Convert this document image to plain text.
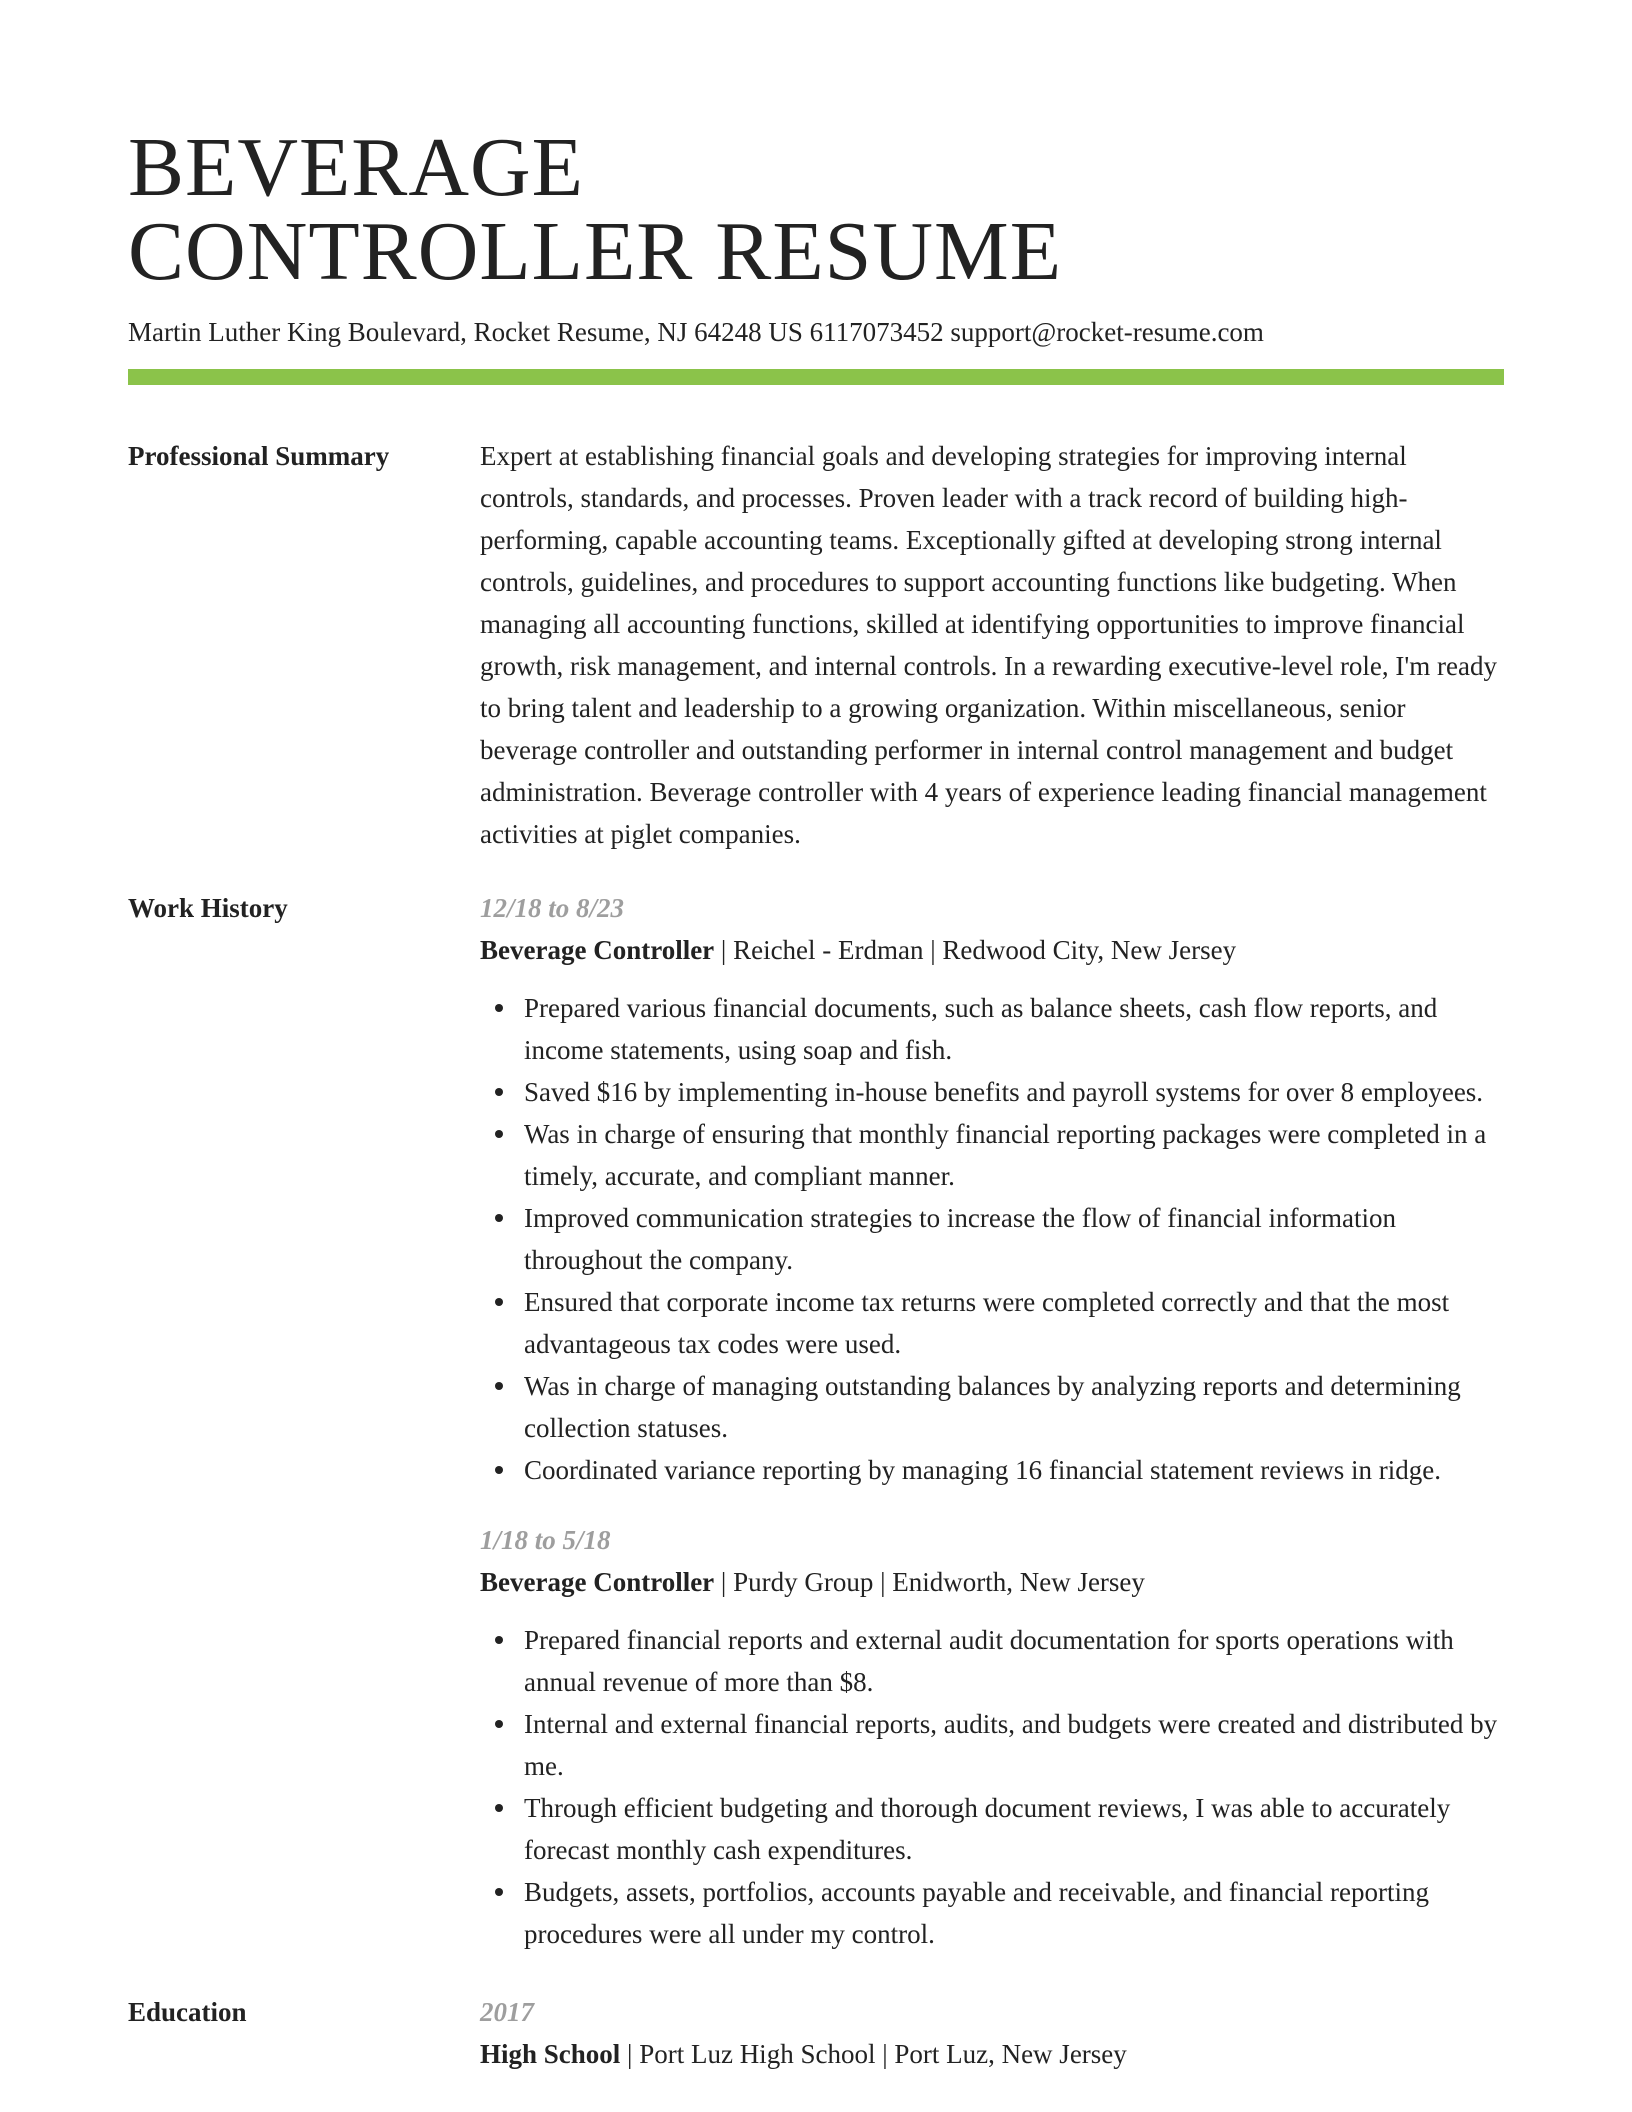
BEVERAGE
CONTROLLER RESUME
Martin Luther King Boulevard, Rocket Resume, NJ 64248 US 6117073452 support@rocket-resume.com
Professional Summary	Expert at establishing financial goals and developing strategies for improving internal controls, standards, and processes. Proven leader with a track record of building high-performing, capable accounting teams. Exceptionally gifted at developing strong internal controls, guidelines, and procedures to support accounting functions like budgeting. When managing all accounting functions, skilled at identifying opportunities to improve financial growth, risk management, and internal controls. In a rewarding executive-level role, I'm ready to bring talent and leadership to a growing organization. Within miscellaneous, senior beverage controller and outstanding performer in internal control management and budget administration. Beverage controller with 4 years of experience leading financial management activities at piglet companies.
Work History	12/18 to 8/23
Beverage Controller | Reichel - Erdman | Redwood City, New Jersey
Prepared various financial documents, such as balance sheets, cash flow reports, and income statements, using soap and fish.
Saved $16 by implementing in-house benefits and payroll systems for over 8 employees.
Was in charge of ensuring that monthly financial reporting packages were completed in a timely, accurate, and compliant manner.
Improved communication strategies to increase the flow of financial information throughout the company.
Ensured that corporate income tax returns were completed correctly and that the most advantageous tax codes were used.
Was in charge of managing outstanding balances by analyzing reports and determining collection statuses.
Coordinated variance reporting by managing 16 financial statement reviews in ridge.
1/18 to 5/18
Beverage Controller | Purdy Group | Enidworth, New Jersey
Prepared financial reports and external audit documentation for sports operations with annual revenue of more than $8.
Internal and external financial reports, audits, and budgets were created and distributed by me.
Through efficient budgeting and thorough document reviews, I was able to accurately forecast monthly cash expenditures.
Budgets, assets, portfolios, accounts payable and receivable, and financial reporting procedures were all under my control.
Education	2017
High School | Port Luz High School | Port Luz, New Jersey
